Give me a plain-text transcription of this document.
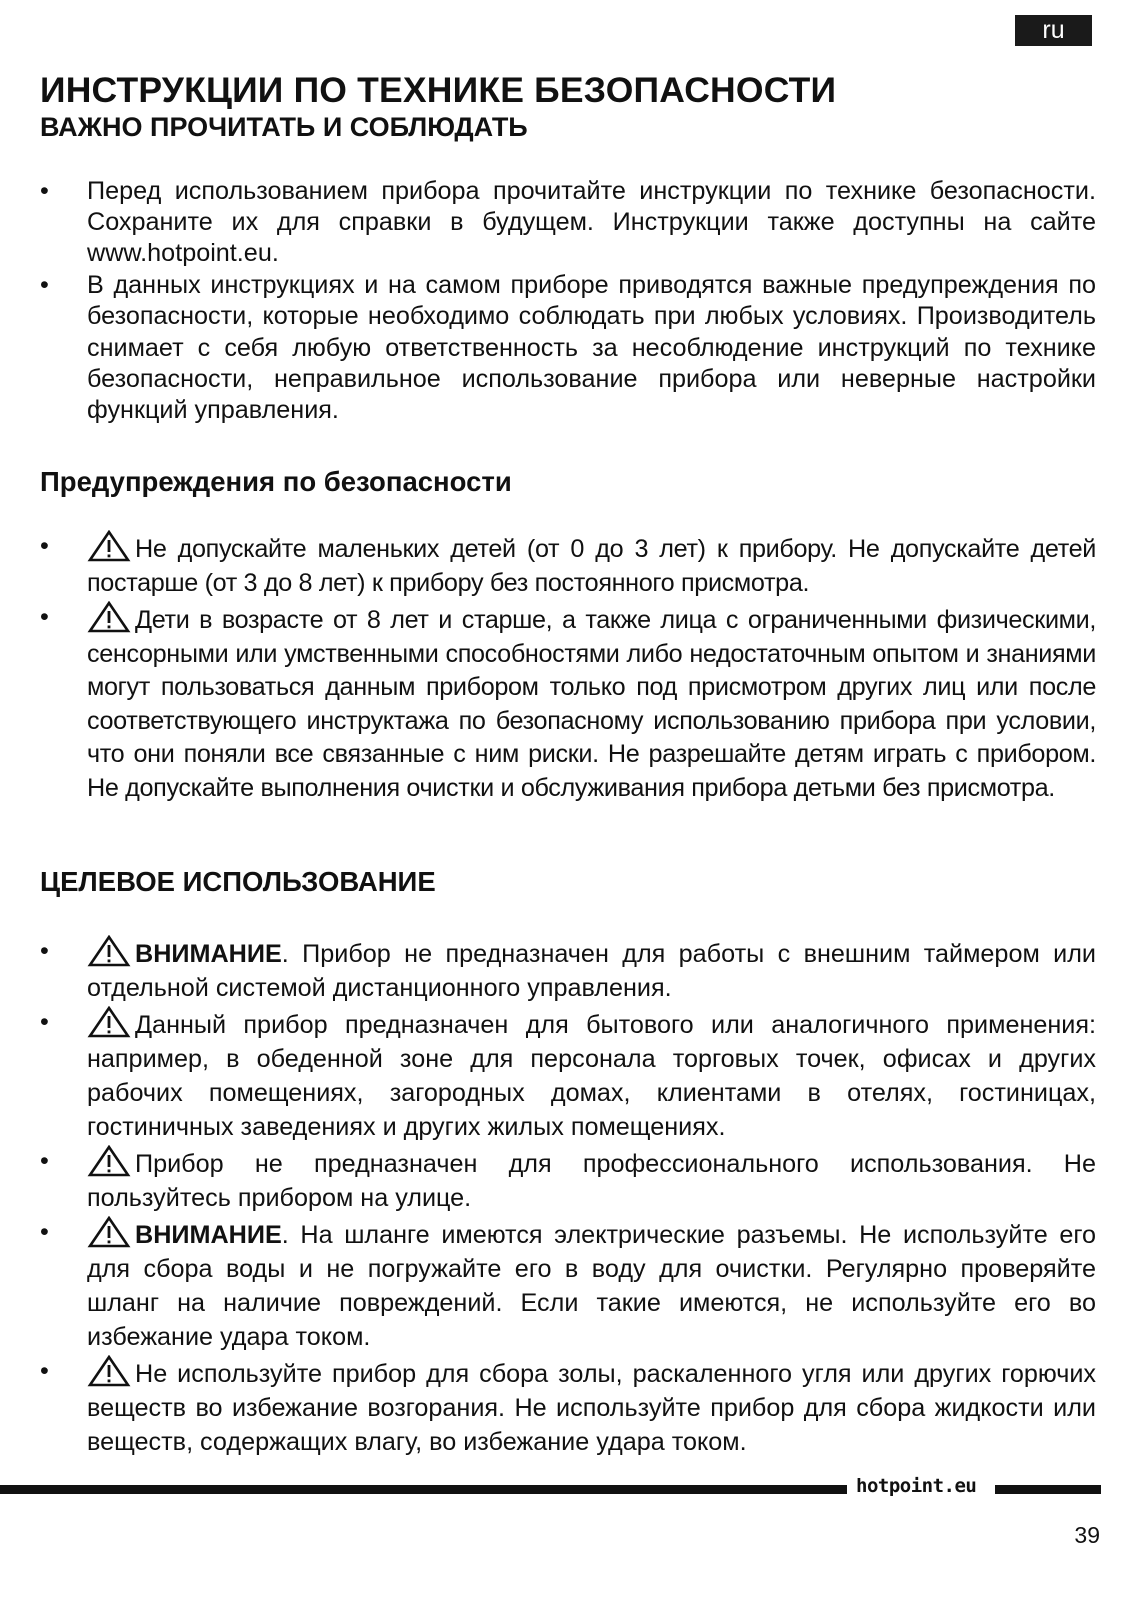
ru
ИНСТРУКЦИИ ПО ТЕХНИКЕ БЕЗОПАСНОСТИ
ВАЖНО ПРОЧИТАТЬ И СОБЛЮДАТЬ
• Перед использованием прибора прочитайте инструкции по технике безопасности. Сохраните их для справки в будущем. Инструкции также доступны на сайте www.hotpoint.eu.
• В данных инструкциях и на самом приборе приводятся важные предупреждения по безопасности, которые необходимо соблюдать при любых условиях. Производитель снимает с себя любую ответственность за несоблюдение инструкций по технике безопасности, неправильное использование прибора или неверные настройки функций управления.
Предупреждения по безопасности
•	Не допускайте маленьких детей (от 0 до 3 лет) к прибору. Не допускайте детей постарше (от 3 до 8 лет) к прибору без постоянного присмотра.
•	Дети в возрасте от 8 лет и старше, а также лица с ограниченными физическими, сенсорными или умственными способностями либо недостаточным опытом и знаниями могут пользоваться данным прибором только под присмотром других лиц или после соответствующего инструктажа по безопасному использованию прибора при условии, что они поняли все связанные с ним риски. Не разрешайте детям играть с прибором. Не допускайте выполнения очистки и обслуживания прибора детьми без присмотра.
ЦЕЛЕВОЕ ИСПОЛЬЗОВАНИЕ
•	ВНИМАНИЕ. Прибор не предназначен для работы с внешним таймером или отдельной системой дистанционного управления.
•	Данный прибор предназначен для бытового или аналогичного применения: например, в обеденной зоне для персонала торговых точек, офисах и других рабочих помещениях, загородных домах, клиентами в отелях, гостиницах, гостиничных заведениях и других жилых помещениях.
•	Прибор не предназначен для профессионального использования. Не пользуйтесь прибором на улице.
•	ВНИМАНИЕ. На шланге имеются электрические разъемы. Не используйте его для сбора воды и не погружайте его в воду для очистки. Регулярно проверяйте шланг на наличие повреждений. Если такие имеются, не используйте его во избежание удара током.
•	Не используйте прибор для сбора золы, раскаленного угля или других горючих веществ во избежание возгорания. Не используйте прибор для сбора жидкости или веществ, содержащих влагу, во избежание удара током.
hotpoint.eu
39
